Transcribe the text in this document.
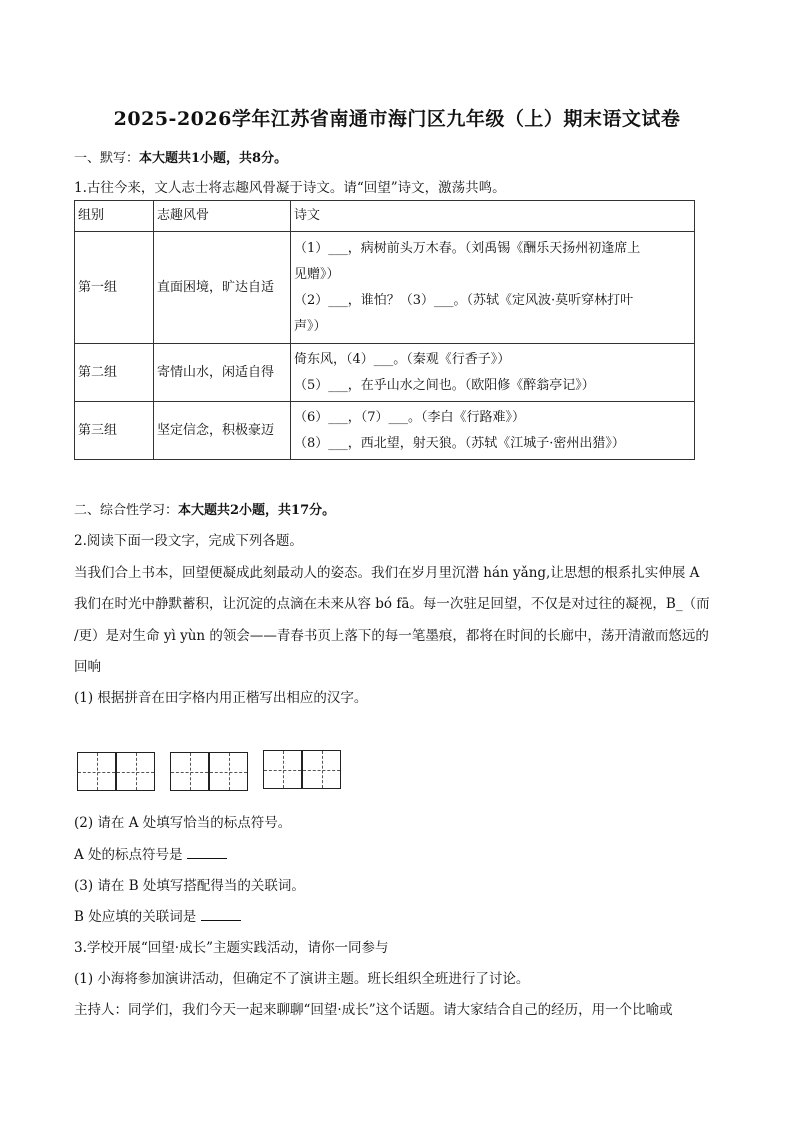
2025-2026学年江苏省南通市海门区九年级（上）期末语文试卷
一、默写：本大题共1小题，共8分。
1.古往今来，文人志士将志趣风骨凝于诗文。请“回望”诗文，激荡共鸣。
组别	志趣风骨	诗文
第一组	直面困境，旷达自适	（1）___，病树前头万木春。（刘禹锡《酬乐天扬州初逢席上
见赠》）
（2）___，谁怕？（3）___。（苏轼《定风波·莫听穿林打叶
声》）

第二组	寄情山水，闲适自得	倚东风，（4）___。（秦观《行香子》）
（5）___，在乎山水之间也。（欧阳修《醉翁亭记》）

第三组	坚定信念，积极豪迈	（6）___，（7）___。（李白《行路难》）
（8）___，西北望，射天狼。（苏轼《江城子·密州出猎》）
二、综合性学习：本大题共2小题，共17分。
2.阅读下面一段文字，完成下列各题。
当我们合上书本，回望便凝成此刻最动人的姿态。我们在岁月里沉潜 hán yǎng,让思想的根系扎实伸展 A
我们在时光中静默蓄积，让沉淀的点滴在未来从容 bó fā。每一次驻足回望，不仅是对过往的凝视，B_（而
/更）是对生命 yì yùn 的领会——青春书页上落下的每一笔墨痕，都将在时间的长廊中，荡开清澈而悠远的
回响
(1) 根据拼音在田字格内用正楷写出相应的汉字。
(2) 请在 A 处填写恰当的标点符号。
A 处的标点符号是
(3) 请在 B 处填写搭配得当的关联词。
B 处应填的关联词是
3.学校开展“回望·成长”主题实践活动，请你一同参与
(1) 小海将参加演讲活动，但确定不了演讲主题。班长组织全班进行了讨论。
主持人：同学们，我们今天一起来聊聊“回望·成长”这个话题。请大家结合自己的经历，用一个比喻或
